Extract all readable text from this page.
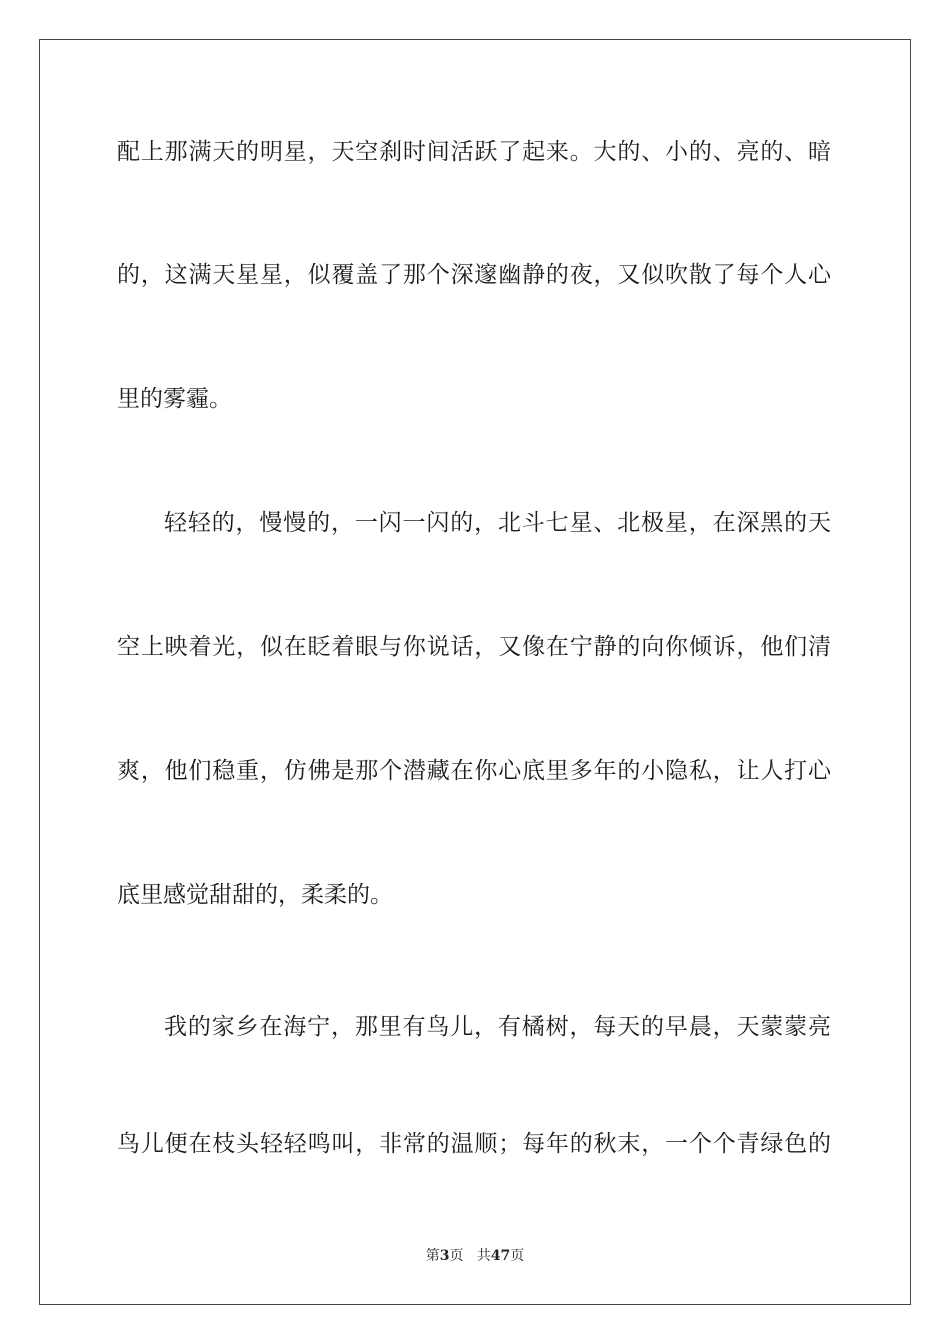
配上那满天的明星，天空刹时间活跃了起来。大的、小的、亮的、暗
的，这满天星星，似覆盖了那个深邃幽静的夜，又似吹散了每个人心
里的雾霾。
轻轻的，慢慢的，一闪一闪的，北斗七星、北极星，在深黑的天
空上映着光，似在眨着眼与你说话，又像在宁静的向你倾诉，他们清
爽，他们稳重，仿佛是那个潜藏在你心底里多年的小隐私，让人打心
底里感觉甜甜的，柔柔的。
我的家乡在海宁，那里有鸟儿，有橘树，每天的早晨，天蒙蒙亮
鸟儿便在枝头轻轻鸣叫，非常的温顺；每年的秋末，一个个青绿色的
第3页 共47页
